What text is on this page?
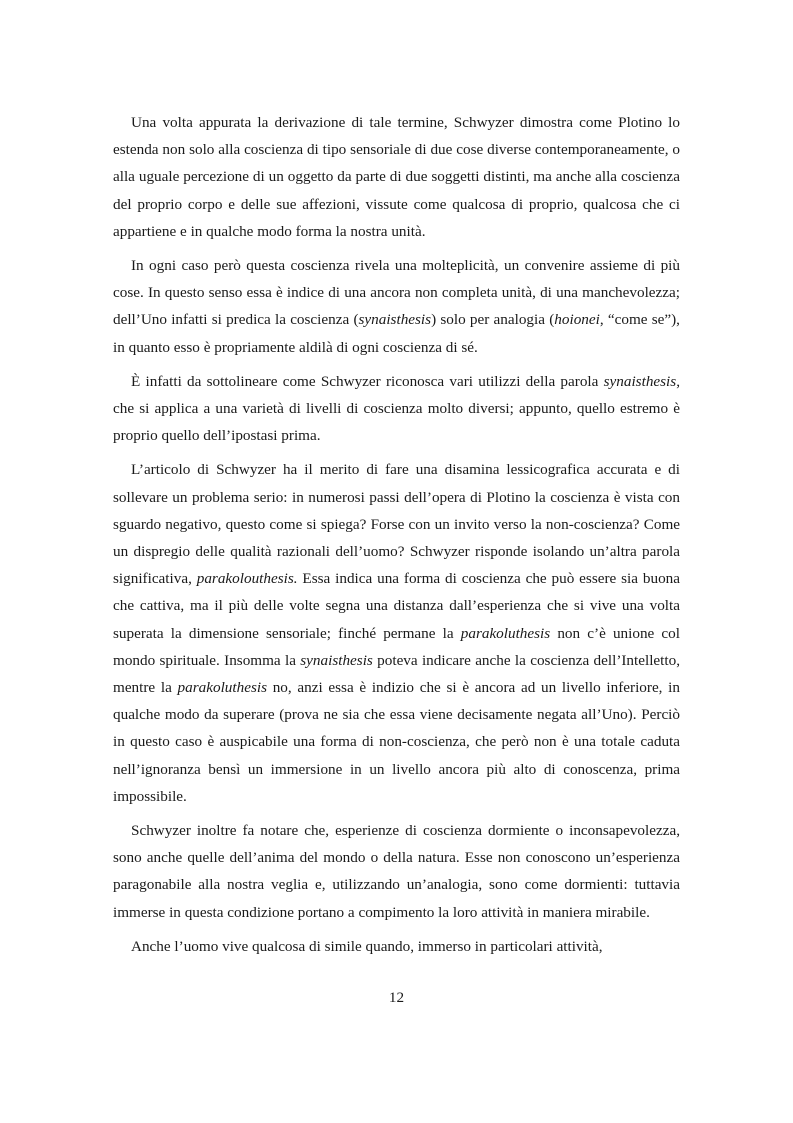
Una volta appurata la derivazione di tale termine, Schwyzer dimostra come Plotino lo estenda non solo alla coscienza di tipo sensoriale di due cose diverse contemporaneamente, o alla uguale percezione di un oggetto da parte di due soggetti distinti, ma anche alla coscienza del proprio corpo e delle sue affezioni, vissute come qualcosa di proprio, qualcosa che ci appartiene e in qualche modo forma la nostra unità.

In ogni caso però questa coscienza rivela una molteplicità, un convenire assieme di più cose. In questo senso essa è indice di una ancora non completa unità, di una manchevolezza; dell’Uno infatti si predica la coscienza (synaisthesis) solo per analogia (hoionei, “come se”), in quanto esso è propriamente aldilà di ogni coscienza di sé.

È infatti da sottolineare come Schwyzer riconosca vari utilizzi della parola synaisthesis, che si applica a una varietà di livelli di coscienza molto diversi; appunto, quello estremo è proprio quello dell’ipostasi prima.

L’articolo di Schwyzer ha il merito di fare una disamina lessicografica accurata e di sollevare un problema serio: in numerosi passi dell’opera di Plotino la coscienza è vista con sguardo negativo, questo come si spiega? Forse con un invito verso la non-coscienza? Come un dispregio delle qualità razionali dell’uomo? Schwyzer risponde isolando un’altra parola significativa, parakolouthesis. Essa indica una forma di coscienza che può essere sia buona che cattiva, ma il più delle volte segna una distanza dall’esperienza che si vive una volta superata la dimensione sensoriale; finché permane la parakoluthesis non c’è unione col mondo spirituale. Insomma la synaisthesis poteva indicare anche la coscienza dell’Intelletto, mentre la parakoluthesis no, anzi essa è indizio che si è ancora ad un livello inferiore, in qualche modo da superare (prova ne sia che essa viene decisamente negata all’Uno). Perciò in questo caso è auspicabile una forma di non-coscienza, che però non è una totale caduta nell’ignoranza bensì un immersione in un livello ancora più alto di conoscenza, prima impossibile.

Schwyzer inoltre fa notare che, esperienze di coscienza dormiente o inconsapevolezza, sono anche quelle dell’anima del mondo o della natura. Esse non conoscono un’esperienza paragonabile alla nostra veglia e, utilizzando un’analogia, sono come dormienti: tuttavia immerse in questa condizione portano a compimento la loro attività in maniera mirabile.

Anche l’uomo vive qualcosa di simile quando, immerso in particolari attività,

12
